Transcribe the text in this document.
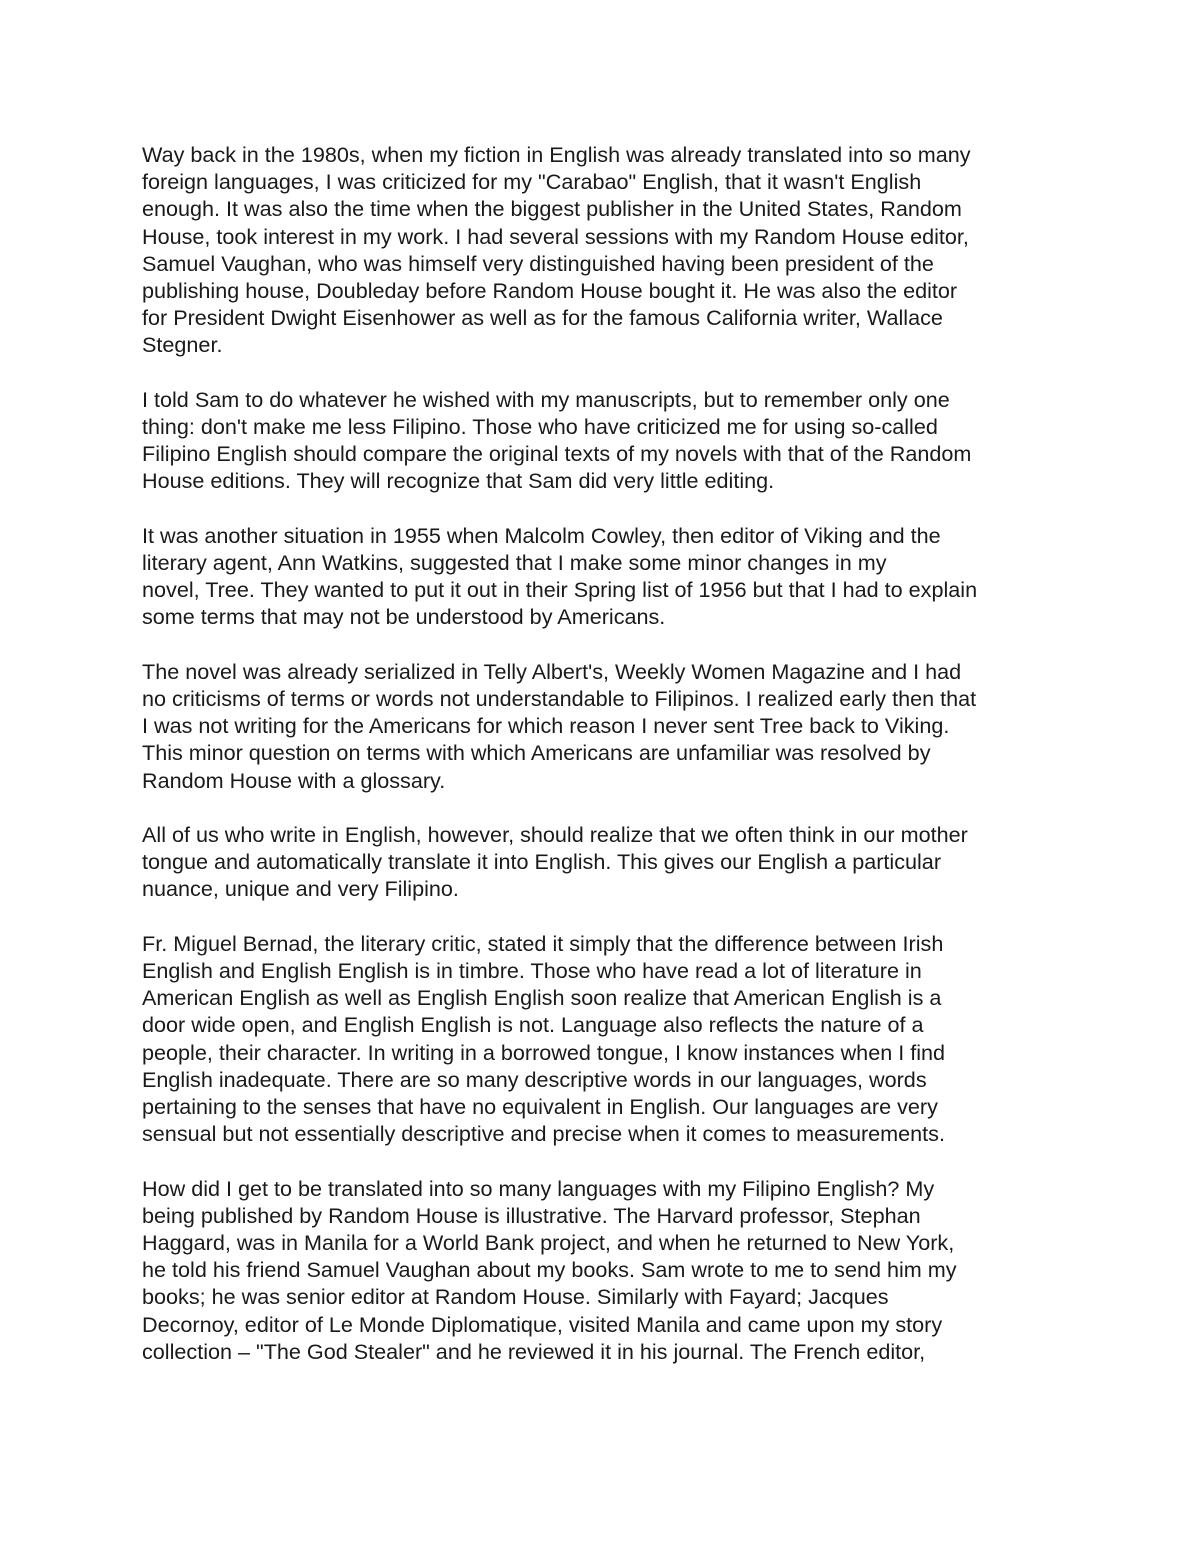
Way back in the 1980s, when my fiction in English was already translated into so many
foreign languages, I was criticized for my "Carabao" English, that it wasn't English
enough. It was also the time when the biggest publisher in the United States, Random
House, took interest in my work. I had several sessions with my Random House editor,
Samuel Vaughan, who was himself very distinguished having been president of the
publishing house, Doubleday before Random House bought it. He was also the editor
for President Dwight Eisenhower as well as for the famous California writer, Wallace
Stegner.

I told Sam to do whatever he wished with my manuscripts, but to remember only one
thing: don't make me less Filipino. Those who have criticized me for using so-called
Filipino English should compare the original texts of my novels with that of the Random
House editions. They will recognize that Sam did very little editing.

It was another situation in 1955 when Malcolm Cowley, then editor of Viking and the
literary agent, Ann Watkins, suggested that I make some minor changes in my
novel, Tree. They wanted to put it out in their Spring list of 1956 but that I had to explain
some terms that may not be understood by Americans.

The novel was already serialized in Telly Albert's, Weekly Women Magazine and I had
no criticisms of terms or words not understandable to Filipinos. I realized early then that
I was not writing for the Americans for which reason I never sent Tree back to Viking.
This minor question on terms with which Americans are unfamiliar was resolved by
Random House with a glossary.

All of us who write in English, however, should realize that we often think in our mother
tongue and automatically translate it into English. This gives our English a particular
nuance, unique and very Filipino.

Fr. Miguel Bernad, the literary critic, stated it simply that the difference between Irish
English and English English is in timbre. Those who have read a lot of literature in
American English as well as English English soon realize that American English is a
door wide open, and English English is not. Language also reflects the nature of a
people, their character. In writing in a borrowed tongue, I know instances when I find
English inadequate. There are so many descriptive words in our languages, words
pertaining to the senses that have no equivalent in English. Our languages are very
sensual but not essentially descriptive and precise when it comes to measurements.

How did I get to be translated into so many languages with my Filipino English? My
being published by Random House is illustrative. The Harvard professor, Stephan
Haggard, was in Manila for a World Bank project, and when he returned to New York,
he told his friend Samuel Vaughan about my books. Sam wrote to me to send him my
books; he was senior editor at Random House. Similarly with Fayard; Jacques
Decornoy, editor of Le Monde Diplomatique, visited Manila and came upon my story
collection – "The God Stealer" and he reviewed it in his journal. The French editor,
